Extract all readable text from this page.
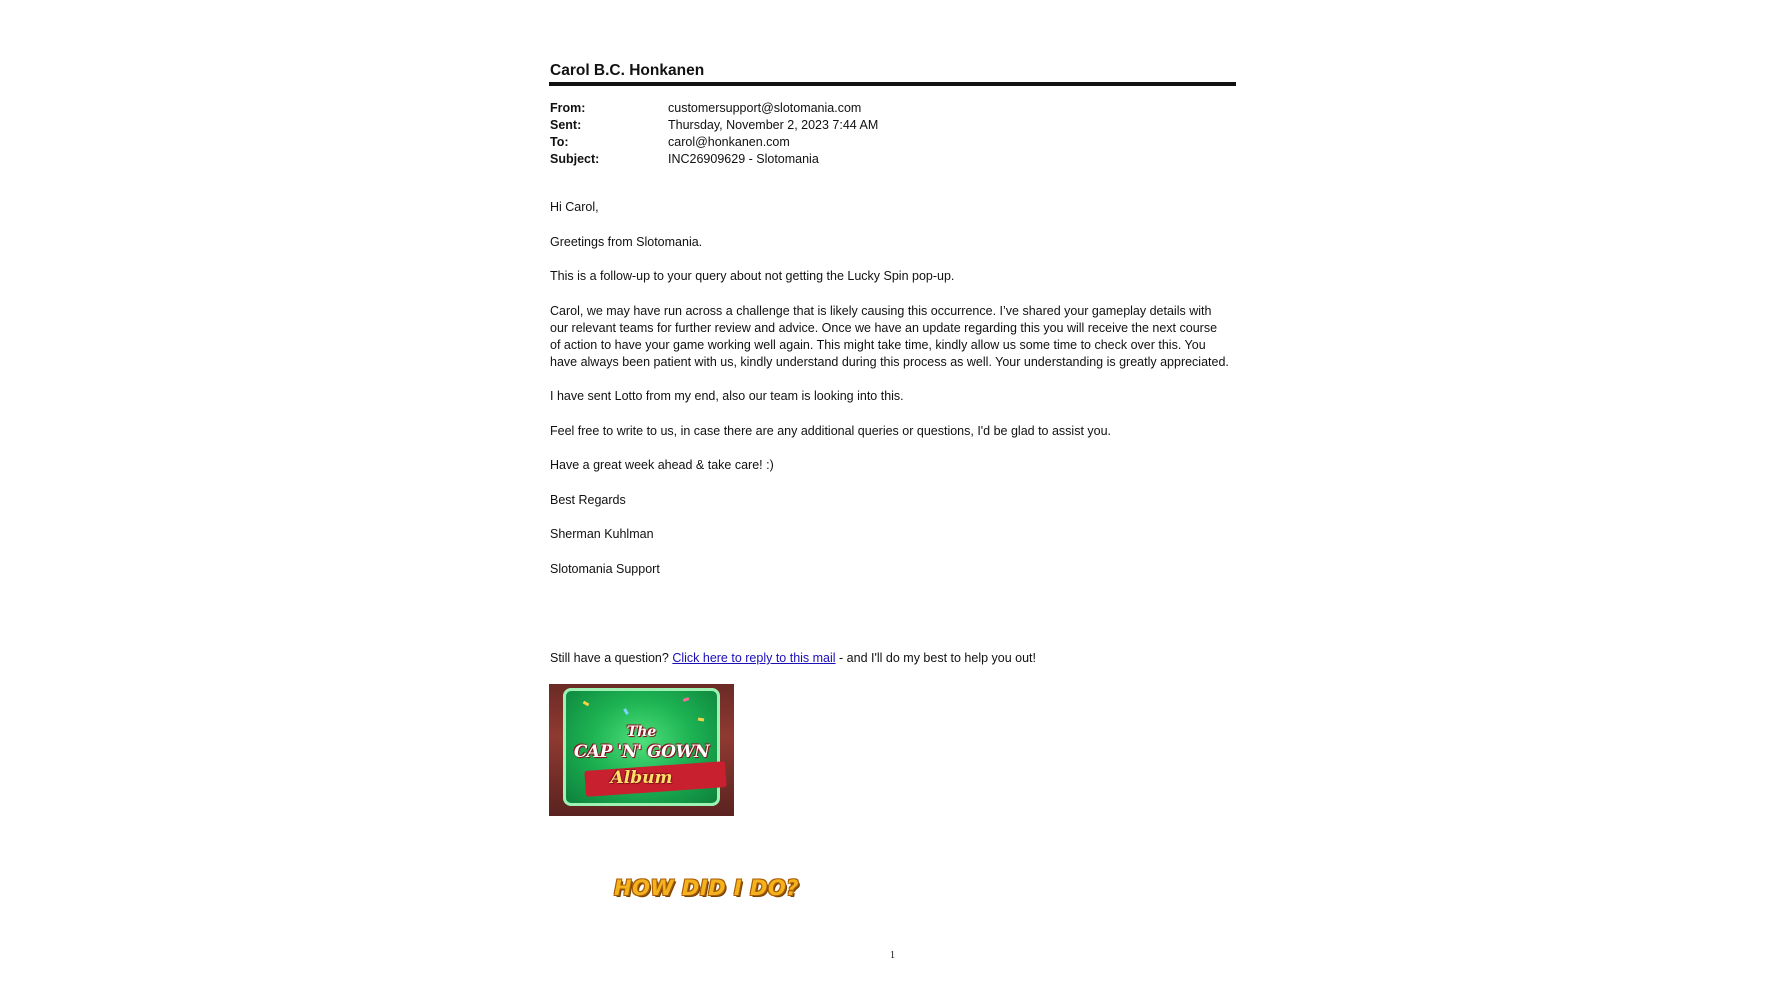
Carol B.C. Honkanen
From:	customersupport@slotomania.com
Sent:	Thursday, November 2, 2023 7:44 AM
To:	carol@honkanen.com
Subject:	INC26909629 - Slotomania

Hi Carol,

Greetings from Slotomania.

This is a follow-up to your query about not getting the Lucky Spin pop-up.

Carol, we may have run across a challenge that is likely causing this occurrence. I’ve shared your gameplay details with our relevant teams for further review and advice. Once we have an update regarding this you will receive the next course of action to have your game working well again. This might take time, kindly allow us some time to check over this. You have always been patient with us, kindly understand during this process as well. Your understanding is greatly appreciated.

I have sent Lotto from my end, also our team is looking into this.

Feel free to write to us, in case there are any additional queries or questions, I'd be glad to assist you.

Have a great week ahead & take care! :)

Best Regards

Sherman Kuhlman

Slotomania Support

Still have a question? Click here to reply to this mail - and I'll do my best to help you out!
The
CAP 'N' GOWN
Album
HOW DID I DO?
1
